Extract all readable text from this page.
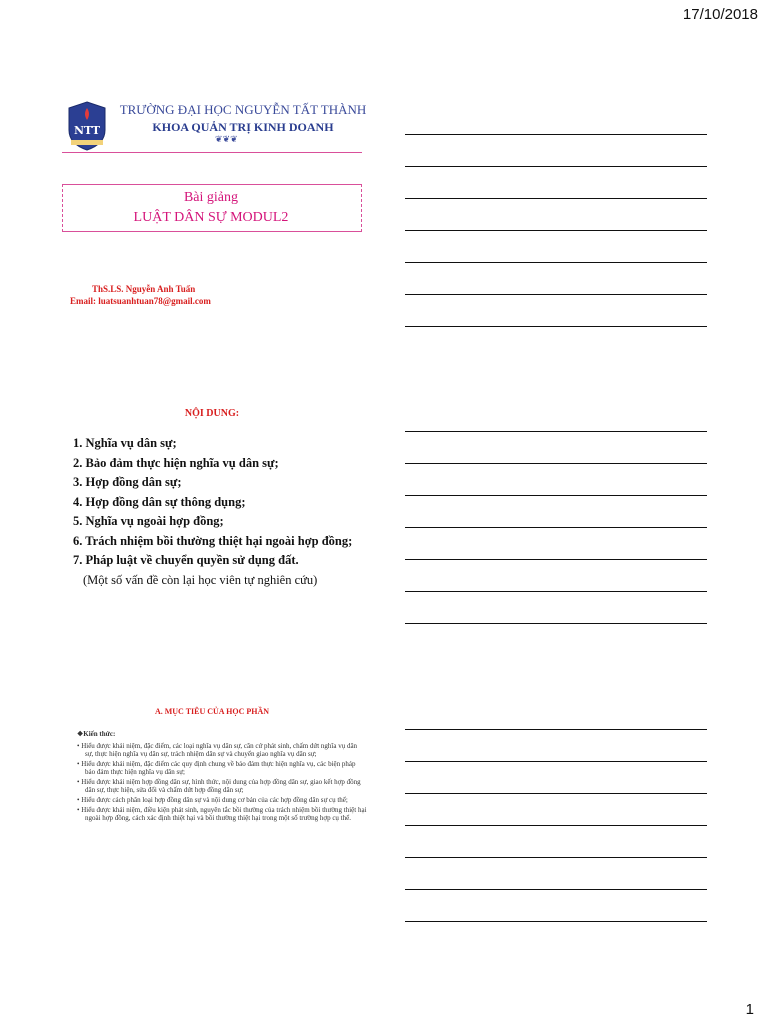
17/10/2018
NTT
TRƯỜNG ĐẠI HỌC NGUYỄN TẤT THÀNH
KHOA QUẢN TRỊ KINH DOANH
❦❦❦
Bài giảng
LUẬT DÂN SỰ MODUL2
ThS.LS. Nguyễn Anh Tuấn
Email: luatsuanhtuan78@gmail.com
NỘI DUNG:
1. Nghĩa vụ dân sự;
2. Bảo đảm thực hiện nghĩa vụ dân sự;
3. Hợp đồng dân sự;
4. Hợp đồng dân sự thông dụng;
5. Nghĩa vụ ngoài hợp đồng;
6. Trách nhiệm bồi thường thiệt hại ngoài hợp đồng;
7. Pháp luật về chuyển quyền sử dụng đất.
(Một số vấn đề còn lại học viên tự nghiên cứu)
A. MỤC TIÊU CỦA HỌC PHẦN
❖Kiến thức:
• Hiểu được khái niệm, đặc điểm, các loại nghĩa vụ dân sự, căn cứ phát sinh, chấm dứt nghĩa vụ dân sự, thực hiện nghĩa vụ dân sự, trách nhiệm dân sự và chuyển giao nghĩa vụ dân sự;
• Hiểu được khái niệm, đặc điểm các quy định chung về bảo đảm thực hiện nghĩa vụ, các biện pháp bảo đảm thực hiện nghĩa vụ dân sự;
• Hiểu được khái niệm hợp đồng dân sự, hình thức, nội dung của hợp đồng dân sự, giao kết hợp đồng dân sự, thực hiện, sửa đổi và chấm dứt hợp đồng dân sự;
• Hiểu được cách phân loại hợp đồng dân sự và nội dung cơ bản của các hợp đồng dân sự cụ thể;
• Hiểu được khái niệm, điều kiện phát sinh, nguyên tắc bồi thường của trách nhiệm bồi thường thiệt hại ngoài hợp đồng, cách xác định thiệt hại và bồi thường thiệt hại trong một số trường hợp cụ thể.
1
